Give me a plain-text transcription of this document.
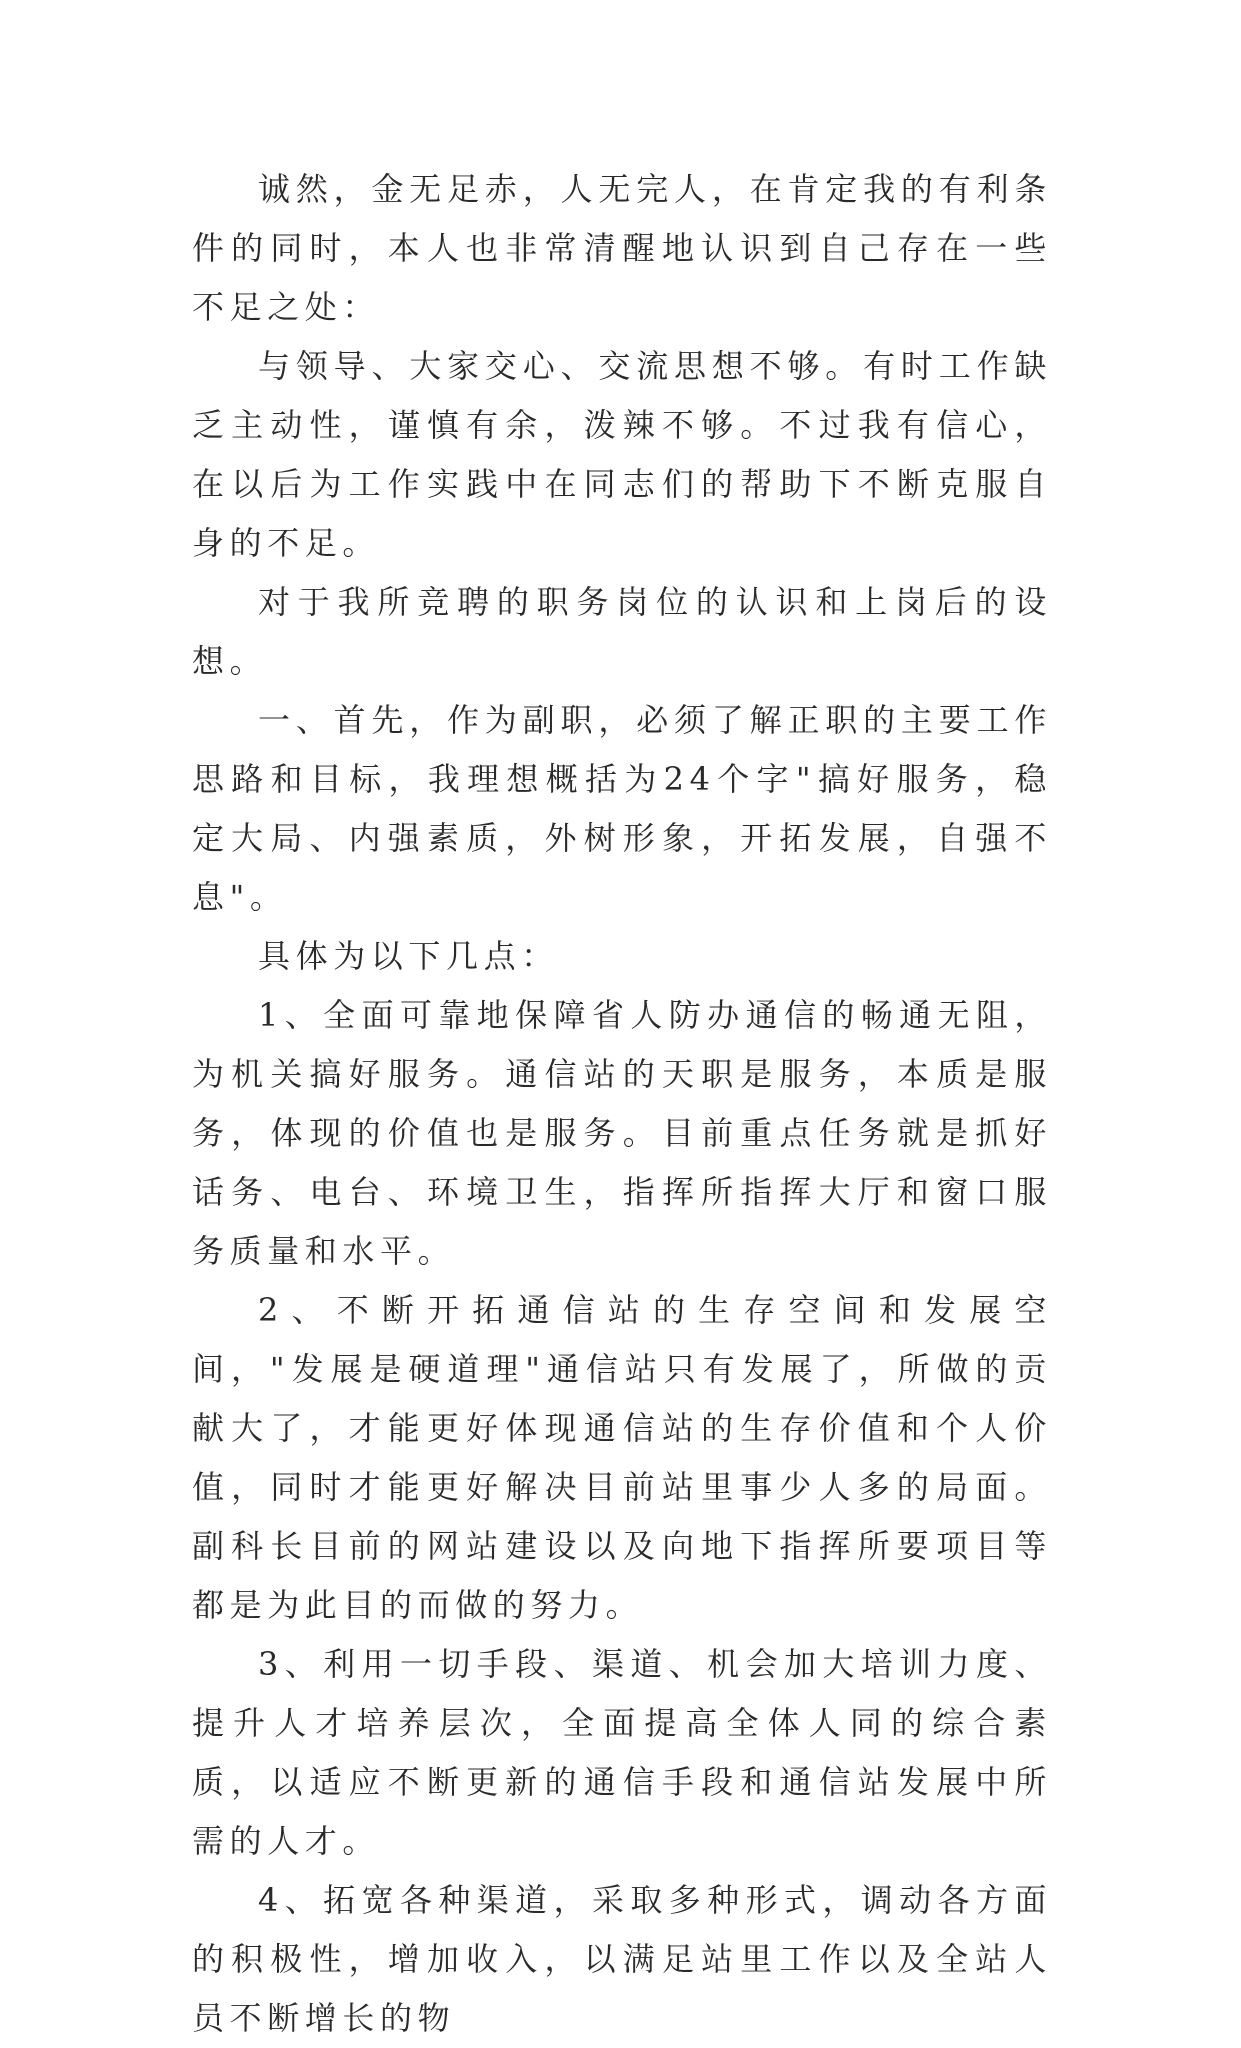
诚然，金无足赤，人无完人，在肯定我的有利条件的同时，本人也非常清醒地认识到自己存在一些不足之处：

与领导、大家交心、交流思想不够。有时工作缺乏主动性，谨慎有余，泼辣不够。不过我有信心，在以后为工作实践中在同志们的帮助下不断克服自身的不足。

对于我所竞聘的职务岗位的认识和上岗后的设想。

一、首先，作为副职，必须了解正职的主要工作思路和目标，我理想概括为24个字"搞好服务，稳定大局、内强素质，外树形象，开拓发展，自强不息"。

具体为以下几点：

1、全面可靠地保障省人防办通信的畅通无阻，为机关搞好服务。通信站的天职是服务，本质是服务，体现的价值也是服务。目前重点任务就是抓好话务、电台、环境卫生，指挥所指挥大厅和窗口服务质量和水平。

2、不断开拓通信站的生存空间和发展空间，"发展是硬道理"通信站只有发展了，所做的贡献大了，才能更好体现通信站的生存价值和个人价值，同时才能更好解决目前站里事少人多的局面。副科长目前的网站建设以及向地下指挥所要项目等都是为此目的而做的努力。

3、利用一切手段、渠道、机会加大培训力度、提升人才培养层次，全面提高全体人同的综合素质，以适应不断更新的通信手段和通信站发展中所需的人才。

4、拓宽各种渠道，采取多种形式，调动各方面的积极性，增加收入，以满足站里工作以及全站人员不断增长的物
